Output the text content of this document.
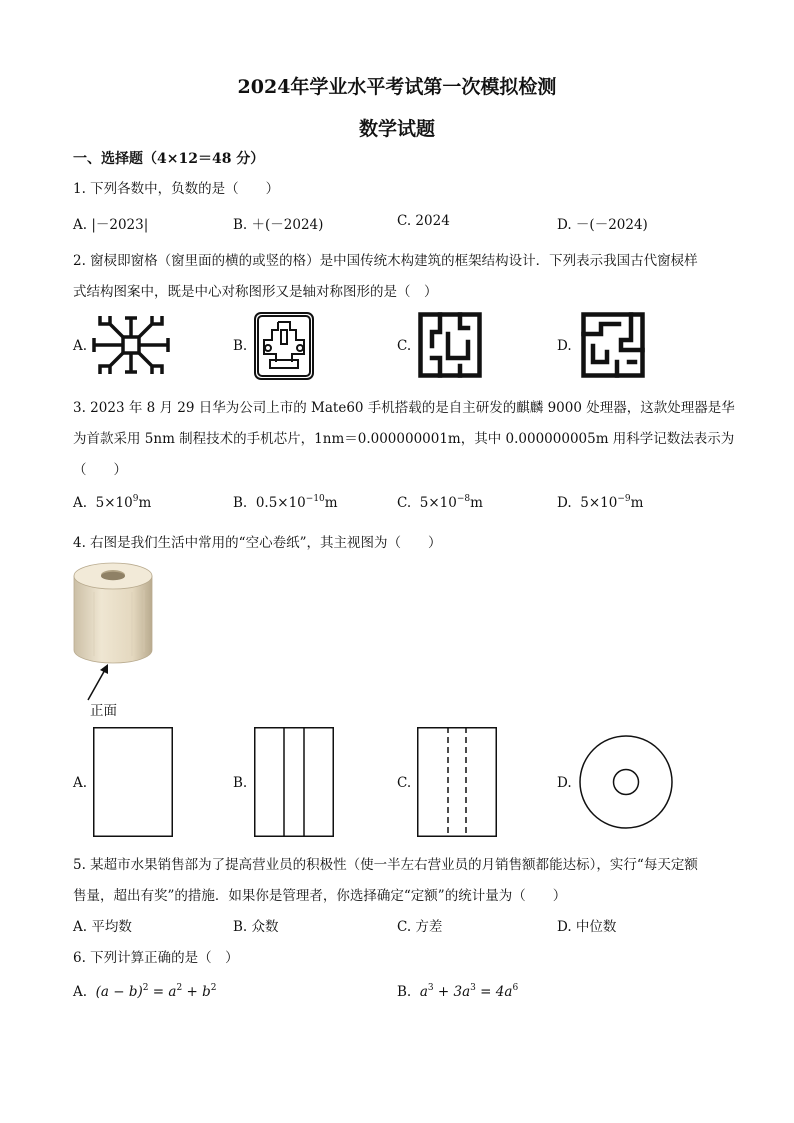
2024年学业水平考试第一次模拟检测
数学试题
一、选择题（4×12＝48 分）
1. 下列各数中，负数的是（　　）
A. |－2023|	B. ＋(－2024)	C. 2024	D. －(－2024)
2. 窗棂即窗格（窗里面的横的或竖的格）是中国传统木构建筑的框架结构设计．下列表示我国古代窗棂样
式结构图案中，既是中心对称图形又是轴对称图形的是（　）
A.	B.	C.	D.
3. 2023 年 8 月 29 日华为公司上市的 Mate60 手机搭载的是自主研发的麒麟 9000 处理器，这款处理器是华
为首款采用 5nm 制程技术的手机芯片，1nm＝0.000000001m，其中 0.000000005m 用科学记数法表示为
（　　）
A. $5\times 10^9m$	B. $0.5\times 10^{-10}m$	C. $5\times 10^{-8}m$	D. $5\times 10^{-9}m$
4. 右图是我们生活中常用的“空心卷纸”，其主视图为（　　）
正面
A.	B.	C.	D.
5. 某超市水果销售部为了提高营业员的积极性（使一半左右营业员的月销售额都能达标），实行“每天定额
售量，超出有奖”的措施．如果你是管理者，你选择确定“定额”的统计量为（　　）
A. 平均数	B. 众数	C. 方差	D. 中位数
6. 下列计算正确的是（　）
A. $(a - b)^2 = a^2 + b^2$	B. $a^3 + 3a^3 = 4a^6$
